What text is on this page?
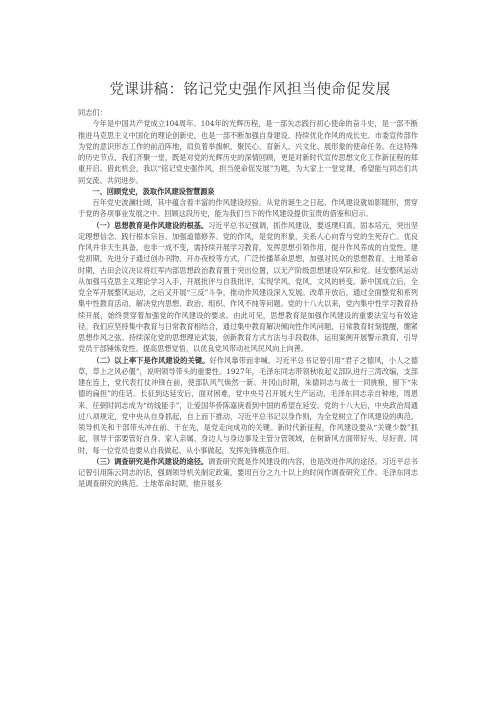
党课讲稿：铭记党史强作风担当使命促发展

同志们：

今年是中国共产党成立104周年。104年的光辉历程，是一部矢志践行初心使命的奋斗史，是一部不断推进马克思主义中国化的理论创新史，也是一部不断加强自身建设、持续优化作风的成长史。市委宣传部作为党的意识形态工作的前沿阵地，肩负着举旗帜、聚民心、育新人、兴文化、展形象的使命任务。在这特殊的历史节点，我们齐聚一堂，既是对党的光辉历史的深情回顾，更是对新时代宣传思想文化工作新征程的郑重开启。借此机会，我以“铭记党史强作风，担当使命促发展”为题，为大家上一堂党课，希望能与同志们共同交流、共同进步。

一、回顾党史，汲取作风建设智慧源泉

百年党史波澜壮阔，其中蕴含着丰富的作风建设经验。从党的诞生之日起，作风建设就如影随形，贯穿于党的各项事业发展之中。回顾这段历史，能为我们当下的作风建设提供宝贵的借鉴和启示。

（一）思想教育是作风建设的根基。习近平总书记强调，抓作风建设，要返璞归真、固本培元，突出坚定理想信念、践行根本宗旨、加强道德修养。党的作风，是党的形象，关系人心向背与党的生死存亡。优良作风并非天生具备，也非一成不变，需持续开展学习教育，发挥思想引领作用，提升作风养成的自觉性。建党初期，先进分子通过创办刊物、开办夜校等方式，广泛传播革命思想，加强对民众的思想教育。土地革命时期，古田会议决议将红军内部思想政治教育置于突出位置，以无产阶级思想建设军队和党。延安整风运动从加强马克思主义理论学习入手，开展批评与自我批评，实现学风、党风、文风的转变。新中国成立后，全党全军开展整风运动，之后又开展“三反”斗争，推动作风建设深入发展。改革开放后，通过全面整党和系列集中性教育活动，解决党内思想、政治、组织、作风不纯等问题。党的十八大以来，党内集中性学习教育持续开展，始终贯穿着加强党的作风建设的要求。由此可见，思想教育是加强作风建设的重要法宝与有效途径。我们应坚持集中教育与日常教育相结合，通过集中教育解决倾向性作风问题，日常教育时刻提醒，绷紧思想作风之弦。持续深化党的思想理论武装，创新教育方式方法与手段载体，运用案例开展警示教育，引导党员干部锤炼党性、提高思想觉悟，以优良党风带动社风民风向上向善。

（二）以上率下是作风建设的关键。好作风靠带而非喊。习近平总书记曾引用“君子之德风，小人之德草，草上之风必偃”，说明领导带头的重要性。1927年，毛泽东同志带领秋收起义部队进行三湾改编，支部建在连上，党代表打仗冲锋在前，使部队风气焕然一新。井冈山时期，朱德同志与战士一同挑粮，留下“朱德的扁担”的佳话。长征到达延安后，面对困难，党中央号召开展大生产运动，毛泽东同志亲自种地，周恩来、任弼时同志成为“纺线能手”，让爱国华侨陈嘉庚看到中国的希望在延安。党的十八大后，中央政治局通过八项规定，党中央从自身抓起，自上而下推动，习近平总书记以身作则，为全党树立了作风建设的典范。领导机关和干部带头冲在前、干在先，是党走向成功的关键。新时代新征程，作风建设要从“关键少数”抓起，领导干部要管好自身、家人亲属、身边人与身边事及主管分管领域，在树新风方面带好头、尽好责。同时，每一位党员也要从自我做起、从小事做起，发挥先锋模范作用。

（三）调查研究是作风建设的途径。调查研究既是作风建设的内容，也是改进作风的途径。习近平总书记曾引用陈云同志的话，强调领导机关制定政策，要用百分之九十以上的时间作调查研究工作。毛泽东同志是调查研究的典范。土地革命时期，他开展多
